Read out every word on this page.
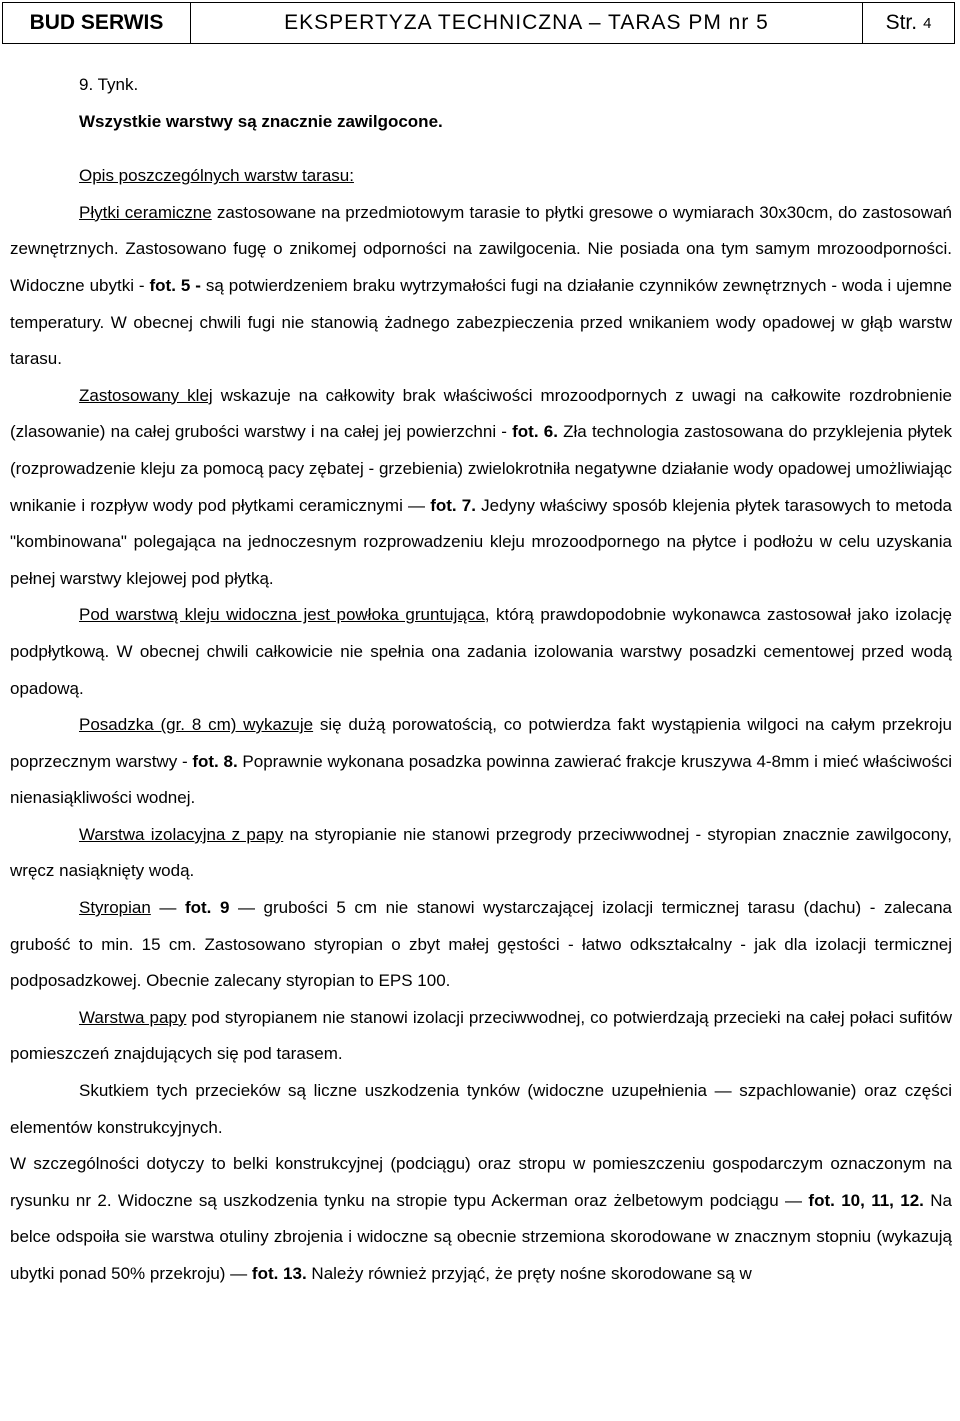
BUD SERWIS	EKSPERTYZA TECHNICZNA – TARAS PM nr 5	Str. 4

9. Tynk.

Wszystkie warstwy są znacznie zawilgocone.

Opis poszczególnych warstw tarasu:

Płytki ceramiczne zastosowane na przedmiotowym tarasie to płytki gresowe o wymiarach 30x30cm, do zastosowań zewnętrznych. Zastosowano fugę o znikomej odporności na zawilgocenia. Nie posiada ona tym samym mrozoodporności. Widoczne ubytki - fot. 5 - są potwierdzeniem braku wytrzymałości fugi na działanie czynników zewnętrznych - woda i ujemne temperatury. W obecnej chwili fugi nie stanowią żadnego zabezpieczenia przed wnikaniem wody opadowej w głąb warstw tarasu.

Zastosowany klej wskazuje na całkowity brak właściwości mrozoodpornych z uwagi na całkowite rozdrobnienie (zlasowanie) na całej grubości warstwy i na całej jej powierzchni - fot. 6. Zła technologia zastosowana do przyklejenia płytek (rozprowadzenie kleju za pomocą pacy zębatej - grzebienia) zwielokrotniła negatywne działanie wody opadowej umożliwiając wnikanie i rozpływ wody pod płytkami ceramicznymi — fot. 7. Jedyny właściwy sposób klejenia płytek tarasowych to metoda "kombinowana" polegająca na jednoczesnym rozprowadzeniu kleju mrozoodpornego na płytce i podłożu w celu uzyskania pełnej warstwy klejowej pod płytką.

Pod warstwą kleju widoczna jest powłoka gruntująca, którą prawdopodobnie wykonawca zastosował jako izolację podpłytkową. W obecnej chwili całkowicie nie spełnia ona zadania izolowania warstwy posadzki cementowej przed wodą opadową.

Posadzka (gr. 8 cm) wykazuje się dużą porowatością, co potwierdza fakt wystąpienia wilgoci na całym przekroju poprzecznym warstwy - fot. 8. Poprawnie wykonana posadzka powinna zawierać frakcje kruszywa 4-8mm i mieć właściwości nienasiąkliwości wodnej.

Warstwa izolacyjna z papy na styropianie nie stanowi przegrody przeciwwodnej - styropian znacznie zawilgocony, wręcz nasiąknięty wodą.

Styropian — fot. 9 — grubości 5 cm nie stanowi wystarczającej izolacji termicznej tarasu (dachu) - zalecana grubość to min. 15 cm. Zastosowano styropian o zbyt małej gęstości - łatwo odkształcalny - jak dla izolacji termicznej podposadzkowej. Obecnie zalecany styropian to EPS 100.

Warstwa papy pod styropianem nie stanowi izolacji przeciwwodnej, co potwierdzają przecieki na całej połaci sufitów pomieszczeń znajdujących się pod tarasem.

Skutkiem tych przecieków są liczne uszkodzenia tynków (widoczne uzupełnienia — szpachlowanie) oraz części elementów konstrukcyjnych.

W szczególności dotyczy to belki konstrukcyjnej (podciągu) oraz stropu w pomieszczeniu gospodarczym oznaczonym na rysunku nr 2. Widoczne są uszkodzenia tynku na stropie typu Ackerman oraz żelbetowym podciągu — fot. 10, 11, 12. Na belce odspoiła sie warstwa otuliny zbrojenia i widoczne są obecnie strzemiona skorodowane w znacznym stopniu (wykazują ubytki ponad 50% przekroju) — fot. 13. Należy również przyjąć, że pręty nośne skorodowane są w
